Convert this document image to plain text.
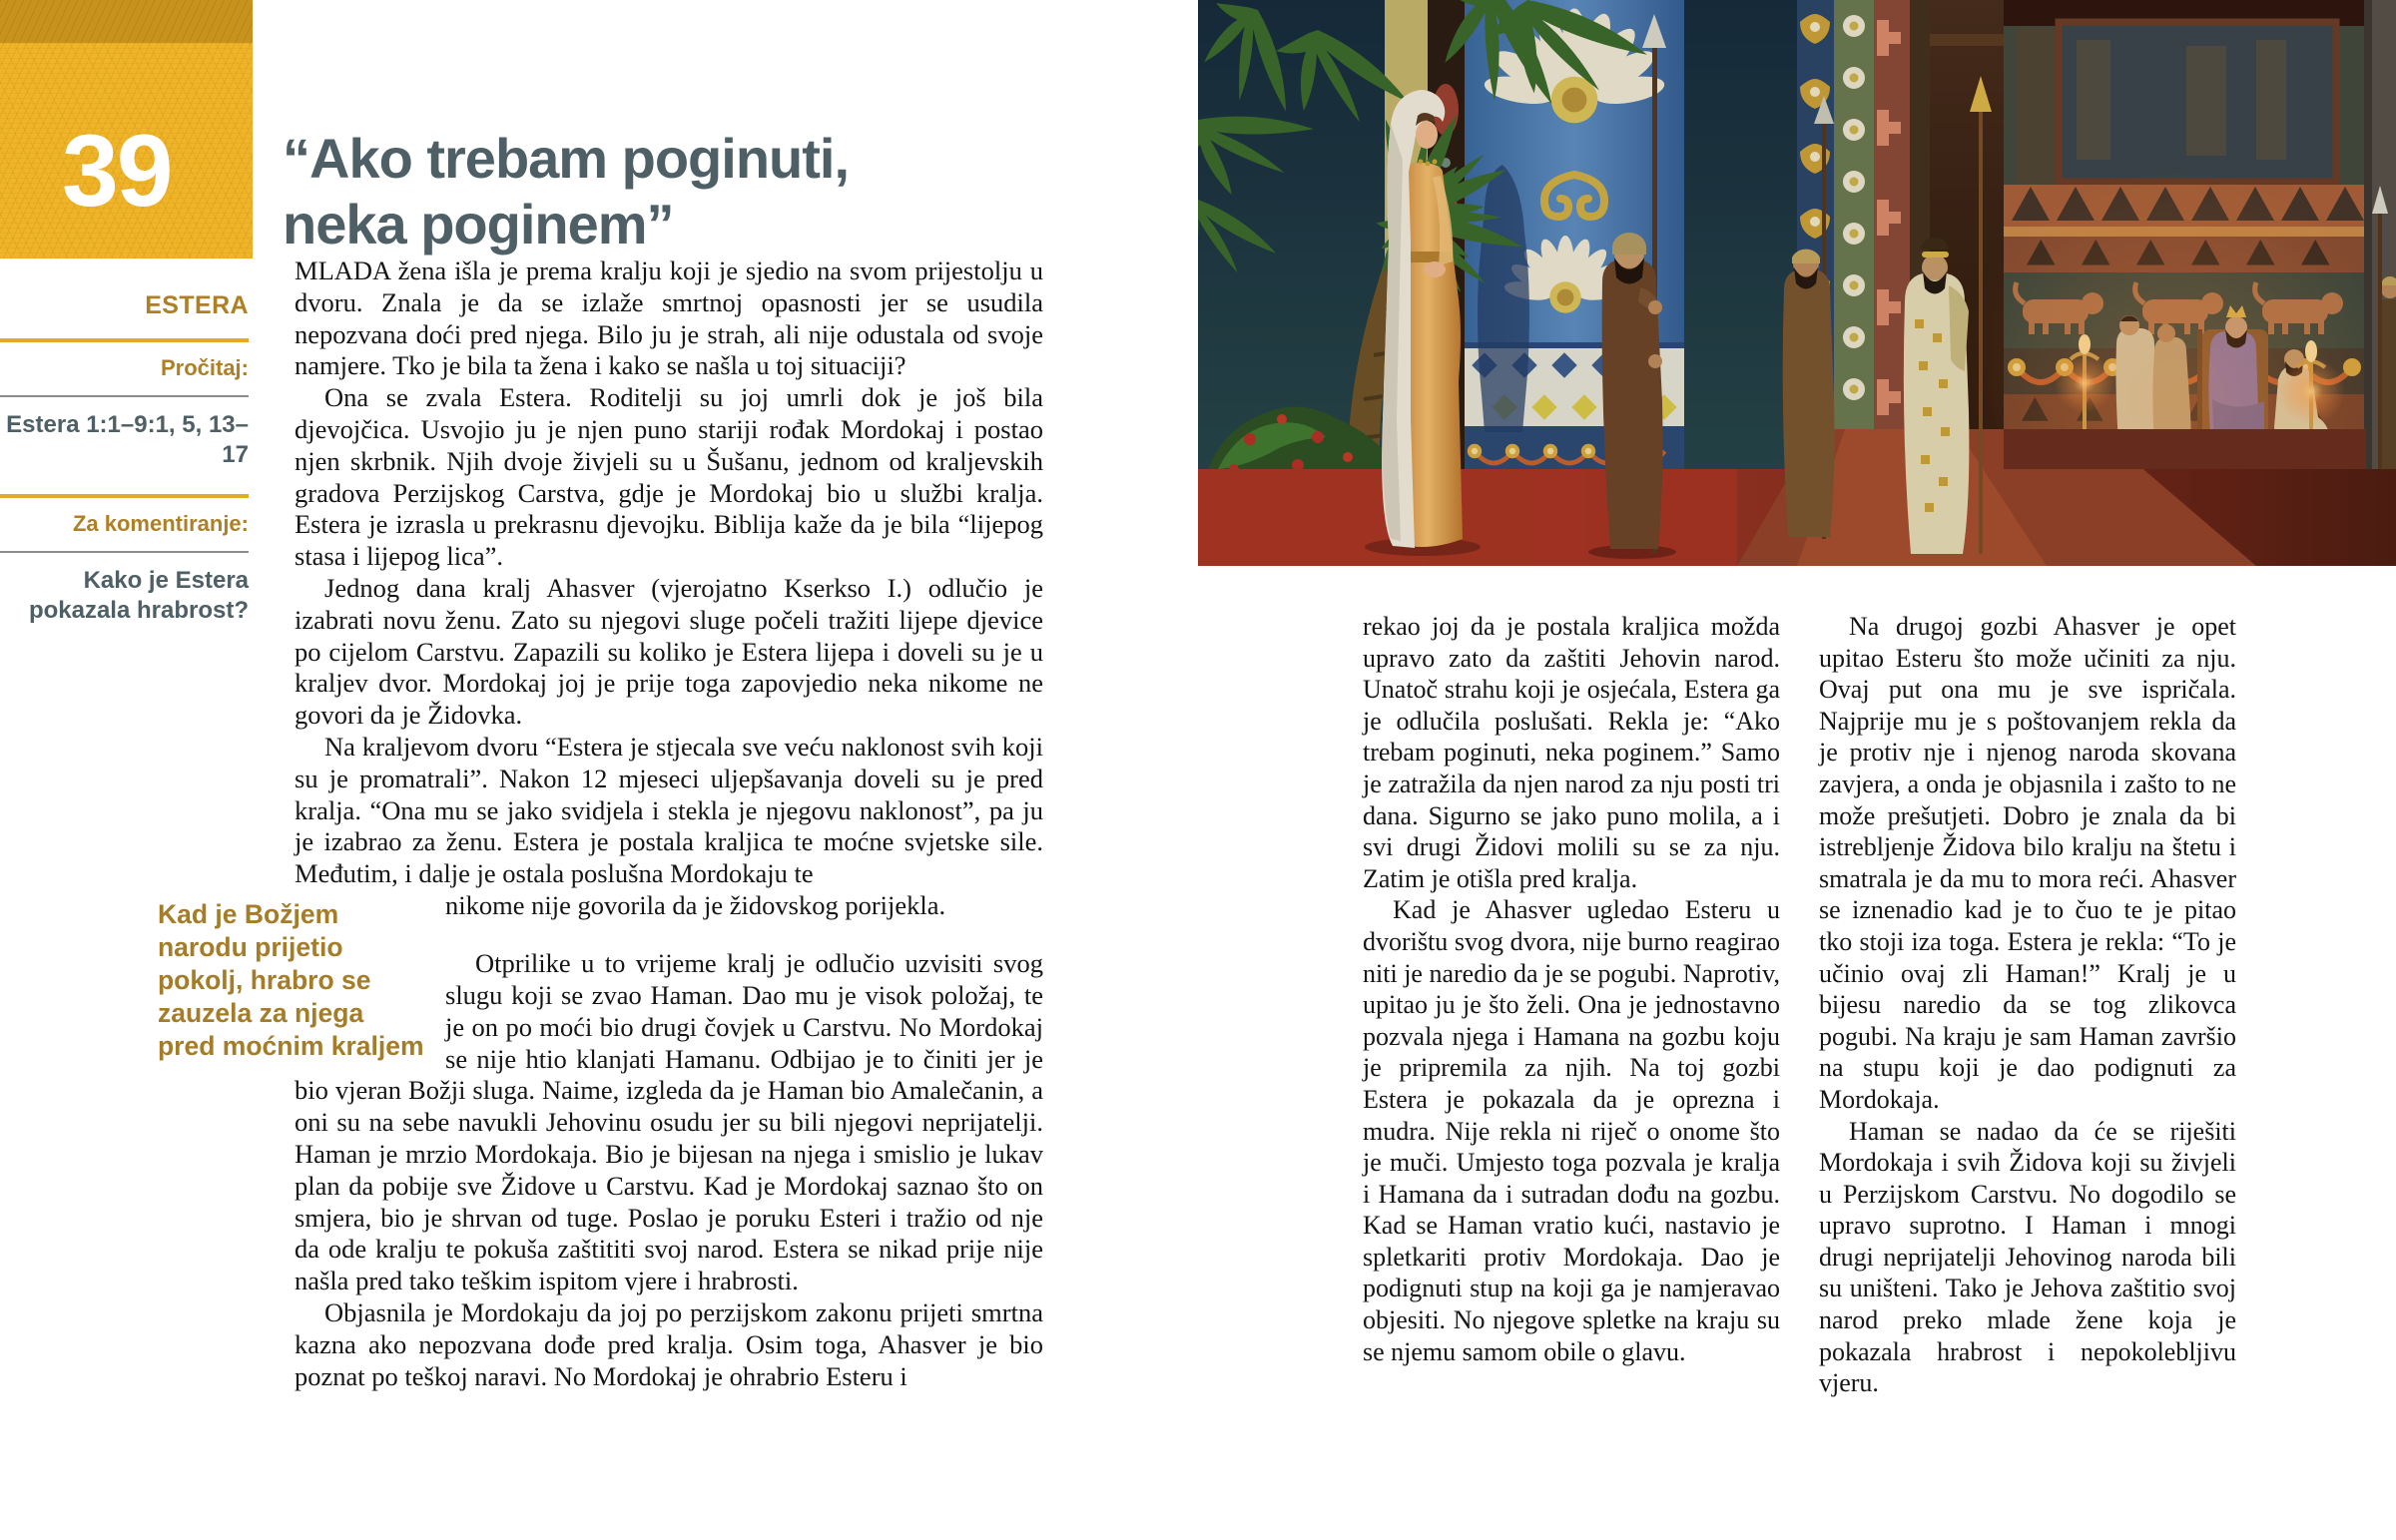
39
ESTERA
Pročitaj:
Estera 1:1–9:1, 5, 13–17
Za komentiranje:
Kako je Estera pokazala hrabrost?
“Ako trebam poginuti, neka poginem”

MLADA žena išla je prema kralju koji je sjedio na svom prijestolju u dvoru. Znala je da se izlaže smrtnoj opasnosti jer se usudila nepozvana doći pred njega. Bilo ju je strah, ali nije odustala od svoje namjere. Tko je bila ta žena i kako se našla u toj situaciji?

Ona se zvala Estera. Roditelji su joj umrli dok je još bila djevojčica. Usvojio ju je njen puno stariji rođak Mordokaj i postao njen skrbnik. Njih dvoje živjeli su u Šušanu, jednom od kraljevskih gradova Perzijskog Carstva, gdje je Mordokaj bio u službi kralja. Estera je izrasla u prekrasnu djevojku. Biblija kaže da je bila “lijepog stasa i lijepog lica”.

Jednog dana kralj Ahasver (vjerojatno Kserkso I.) odlučio je izabrati novu ženu. Zato su njegovi sluge počeli tražiti lijepe djevice po cijelom Carstvu. Zapazili su koliko je Estera lijepa i doveli su je u kraljev dvor. Mordokaj joj je prije toga zapovjedio neka nikome ne govori da je Židovka.

Na kraljevom dvoru “Estera je stjecala sve veću naklonost svih koji su je promatrali”. Nakon 12 mjeseci uljepšavanja doveli su je pred kralja. “Ona mu se jako svidjela i stekla je njegovu naklonost”, pa ju je izabrao za ženu. Estera je postala kraljica te moćne svjetske sile. Međutim, i dalje je ostala poslušna Mordokaju te

Kad je Božjem narodu prijetio pokolj, hrabro se zauzela za njega pred moćnim kraljem
nikome nije govorila da je židovskog porijekla.

Otprilike u to vrijeme kralj je odlučio uzvisiti svog slugu koji se zvao Haman. Dao mu je visok položaj, te je on po moći bio drugi čovjek u Carstvu. No Mordokaj se nije htio klanjati Hamanu. Odbijao je to činiti jer je bio vjeran Božji sluga. Naime, izgleda da je Haman bio Amalečanin, a oni su na sebe navukli Jehovinu osudu jer su bili njegovi neprijatelji. Haman je mrzio Mordokaja. Bio je bijesan na njega i smislio je lukav plan da pobije sve Židove u Carstvu. Kad je Mordokaj saznao što on smjera, bio je shrvan od tuge. Poslao je poruku Esteri i tražio od nje da ode kralju te pokuša zaštititi svoj narod. Estera se nikad prije nije našla pred tako teškim ispitom vjere i hrabrosti.

Objasnila je Mordokaju da joj po perzijskom zakonu prijeti smrtna kazna ako nepozvana dođe pred kralja. Osim toga, Ahasver je bio poznat po teškoj naravi. No Mordokaj je ohrabrio Esteru i

rekao joj da je postala kraljica možda upravo zato da zaštiti Jehovin narod. Unatoč strahu koji je osjećala, Estera ga je odlučila poslušati. Rekla je: “Ako trebam poginuti, neka poginem.” Samo je zatražila da njen narod za nju posti tri dana. Sigurno se jako puno molila, a i svi drugi Židovi molili su se za nju. Zatim je otišla pred kralja.

Kad je Ahasver ugledao Esteru u dvorištu svog dvora, nije burno reagirao niti je naredio da je se pogubi. Naprotiv, upitao ju je što želi. Ona je jednostavno pozvala njega i Hamana na gozbu koju je pripremila za njih. Na toj gozbi Estera je pokazala da je oprezna i mudra. Nije rekla ni riječ o onome što je muči. Umjesto toga pozvala je kralja i Hamana da i sutradan dođu na gozbu. Kad se Haman vratio kući, nastavio je spletkariti protiv Mordokaja. Dao je podignuti stup na koji ga je namjeravao objesiti. No njegove spletke na kraju su se njemu samom obile o glavu.

Na drugoj gozbi Ahasver je opet upitao Esteru što može učiniti za nju. Ovaj put ona mu je sve ispričala. Najprije mu je s poštovanjem rekla da je protiv nje i njenog naroda skovana zavjera, a onda je objasnila i zašto to ne može prešutjeti. Dobro je znala da bi istrebljenje Židova bilo kralju na štetu i smatrala je da mu to mora reći. Ahasver se iznenadio kad je to čuo te je pitao tko stoji iza toga. Estera je rekla: “To je učinio ovaj zli Haman!” Kralj je u bijesu naredio da se tog zlikovca pogubi. Na kraju je sam Haman završio na stupu koji je dao podignuti za Mordokaja.

Haman se nadao da će se riješiti Mordokaja i svih Židova koji su živjeli u Perzijskom Carstvu. No dogodilo se upravo suprotno. I Haman i mnogi drugi neprijatelji Jehovinog naroda bili su uništeni. Tako je Jehova zaštitio svoj narod preko mlade žene koja je pokazala hrabrost i nepokolebljivu vjeru.
